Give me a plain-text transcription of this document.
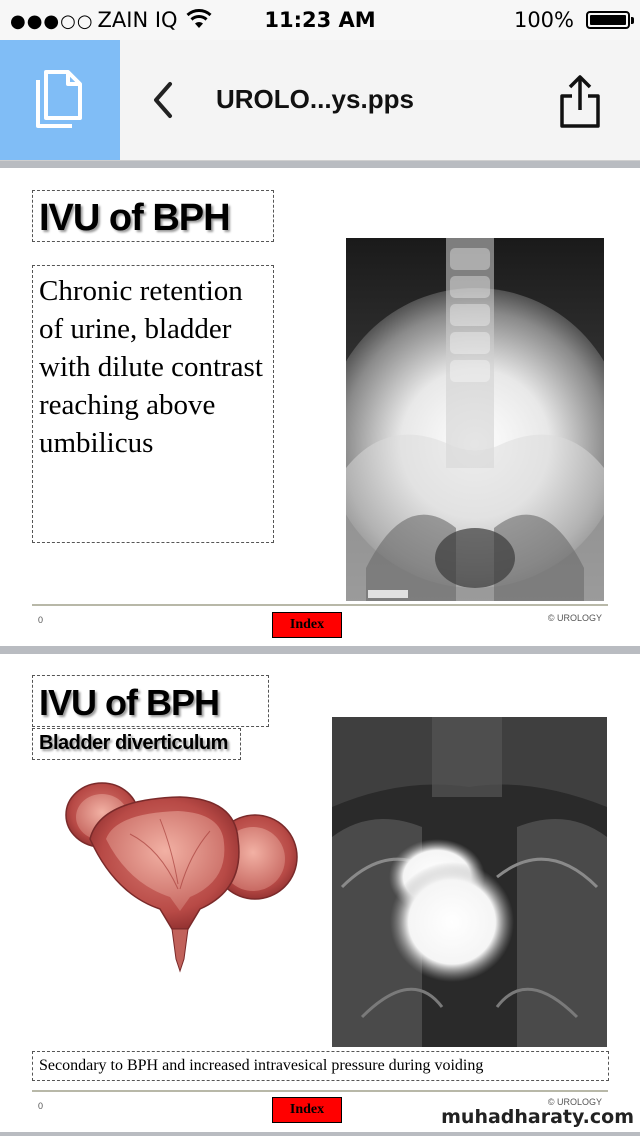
●●●○○ ZAIN IQ	11:23 AM	100%
UROLO...ys.pps
IVU of BPH
Chronic retention of urine, bladder with dilute contrast reaching above umbilicus
0	Index	© UROLOGY
IVU of BPH
Bladder diverticulum
Secondary to BPH and increased intravesical pressure during voiding
0	Index	© UROLOGY
muhadharaty.com
